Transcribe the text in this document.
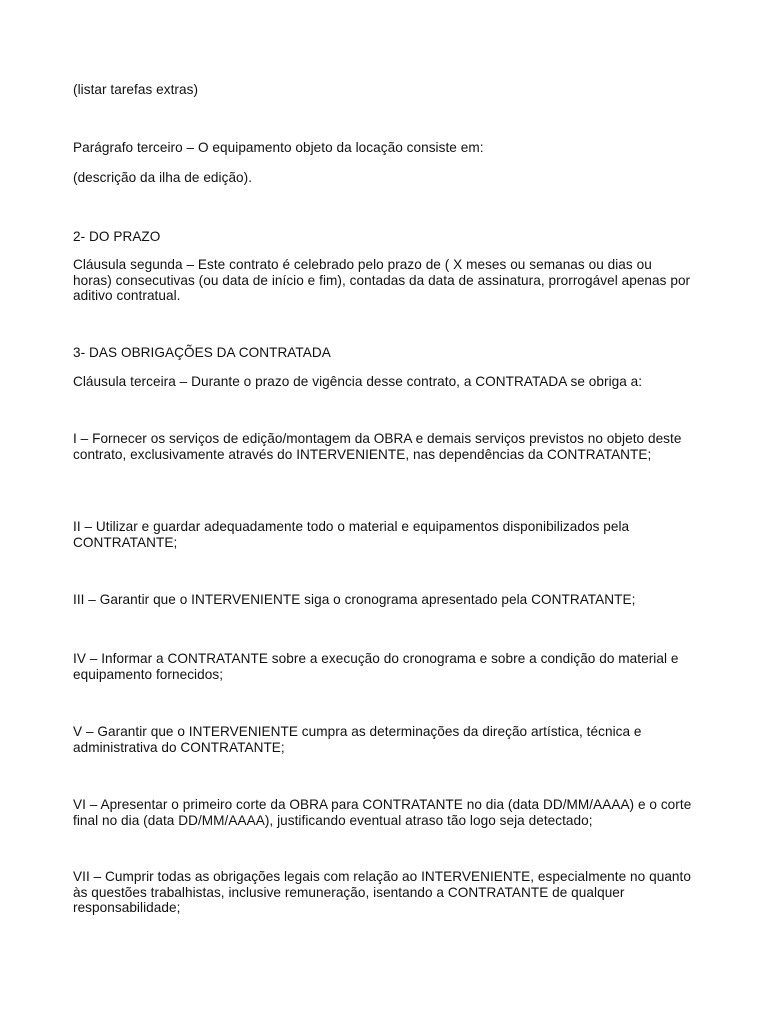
(listar tarefas extras)

Parágrafo terceiro – O equipamento objeto da locação consiste em:

(descrição da ilha de edição).

2- DO PRAZO

Cláusula segunda – Este contrato é celebrado pelo prazo de ( X meses ou semanas ou dias ou horas) consecutivas (ou data de início e fim), contadas da data de assinatura, prorrogável apenas por aditivo contratual.

3- DAS OBRIGAÇÕES DA CONTRATADA

Cláusula terceira – Durante o prazo de vigência desse contrato, a CONTRATADA se obriga a:

I – Fornecer os serviços de edição/montagem da OBRA e demais serviços previstos no objeto deste contrato, exclusivamente através do INTERVENIENTE, nas dependências da CONTRATANTE;

II – Utilizar e guardar adequadamente todo o material e equipamentos disponibilizados pela CONTRATANTE;

III – Garantir que o INTERVENIENTE siga o cronograma apresentado pela CONTRATANTE;

IV – Informar a CONTRATANTE sobre a execução do cronograma e sobre a condição do material e equipamento fornecidos;

V – Garantir que o INTERVENIENTE cumpra as determinações da direção artística, técnica e administrativa do CONTRATANTE;

VI – Apresentar o primeiro corte da OBRA para CONTRATANTE no dia (data DD/MM/AAAA) e o corte final no dia (data DD/MM/AAAA), justificando eventual atraso tão logo seja detectado;

VII – Cumprir todas as obrigações legais com relação ao INTERVENIENTE, especialmente no quanto às questões trabalhistas, inclusive remuneração, isentando a CONTRATANTE de qualquer responsabilidade;
